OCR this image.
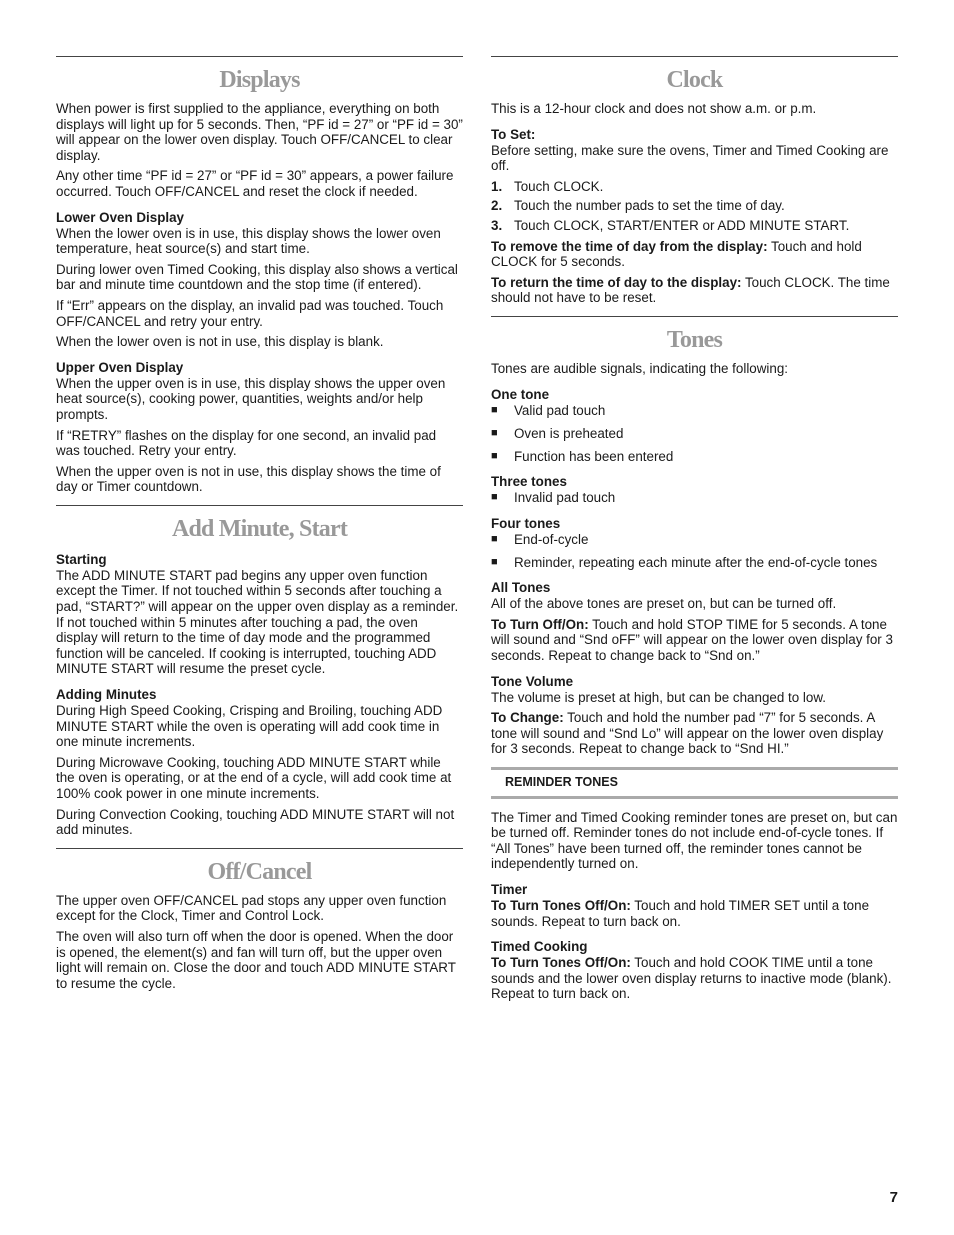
Displays

When power is first supplied to the appliance, everything on both displays will light up for 5 seconds. Then, “PF id = 27” or “PF id = 30” will appear on the lower oven display. Touch OFF/CANCEL to clear display.

Any other time “PF id = 27” or “PF id = 30” appears, a power failure occurred. Touch OFF/CANCEL and reset the clock if needed.

Lower Oven Display

When the lower oven is in use, this display shows the lower oven temperature, heat source(s) and start time.

During lower oven Timed Cooking, this display also shows a vertical bar and minute time countdown and the stop time (if entered).

If “Err” appears on the display, an invalid pad was touched. Touch OFF/CANCEL and retry your entry.

When the lower oven is not in use, this display is blank.

Upper Oven Display

When the upper oven is in use, this display shows the upper oven heat source(s), cooking power, quantities, weights and/or help prompts.

If “RETRY” flashes on the display for one second, an invalid pad was touched. Retry your entry.

When the upper oven is not in use, this display shows the time of day or Timer countdown.

Add Minute, Start
Starting

The ADD MINUTE START pad begins any upper oven function except the Timer. If not touched within 5 seconds after touching a pad, “START?” will appear on the upper oven display as a reminder. If not touched within 5 minutes after touching a pad, the oven display will return to the time of day mode and the programmed function will be canceled. If cooking is interrupted, touching ADD MINUTE START will resume the preset cycle.

Adding Minutes

During High Speed Cooking, Crisping and Broiling, touching ADD MINUTE START while the oven is operating will add cook time in one minute increments.

During Microwave Cooking, touching ADD MINUTE START while the oven is operating, or at the end of a cycle, will add cook time at 100% cook power in one minute increments.

During Convection Cooking, touching ADD MINUTE START will not add minutes.

Off/Cancel

The upper oven OFF/CANCEL pad stops any upper oven function except for the Clock, Timer and Control Lock.

The oven will also turn off when the door is opened. When the door is opened, the element(s) and fan will turn off, but the upper oven light will remain on. Close the door and touch ADD MINUTE START to resume the cycle.

Clock

This is a 12-hour clock and does not show a.m. or p.m.

To Set:

Before setting, make sure the ovens, Timer and Timed Cooking are off.

1. Touch CLOCK.
2. Touch the number pads to set the time of day.
3. Touch CLOCK, START/ENTER or ADD MINUTE START.

To remove the time of day from the display: Touch and hold CLOCK for 5 seconds.

To return the time of day to the display: Touch CLOCK. The time should not have to be reset.

Tones

Tones are audible signals, indicating the following:

One tone
■ Valid pad touch
■ Oven is preheated
■ Function has been entered
Three tones
■ Invalid pad touch
Four tones
■ End-of-cycle
■ Reminder, repeating each minute after the end-of-cycle tones
All Tones

All of the above tones are preset on, but can be turned off.

To Turn Off/On: Touch and hold STOP TIME for 5 seconds. A tone will sound and “Snd oFF” will appear on the lower oven display for 3 seconds. Repeat to change back to “Snd on.”

Tone Volume

The volume is preset at high, but can be changed to low.

To Change: Touch and hold the number pad “7” for 5 seconds. A tone will sound and “Snd Lo” will appear on the lower oven display for 3 seconds. Repeat to change back to “Snd HI.”

REMINDER TONES

The Timer and Timed Cooking reminder tones are preset on, but can be turned off. Reminder tones do not include end-of-cycle tones. If “All Tones” have been turned off, the reminder tones cannot be independently turned on.

Timer

To Turn Tones Off/On: Touch and hold TIMER SET until a tone sounds. Repeat to turn back on.

Timed Cooking

To Turn Tones Off/On: Touch and hold COOK TIME until a tone sounds and the lower oven display returns to inactive mode (blank). Repeat to turn back on.

7
